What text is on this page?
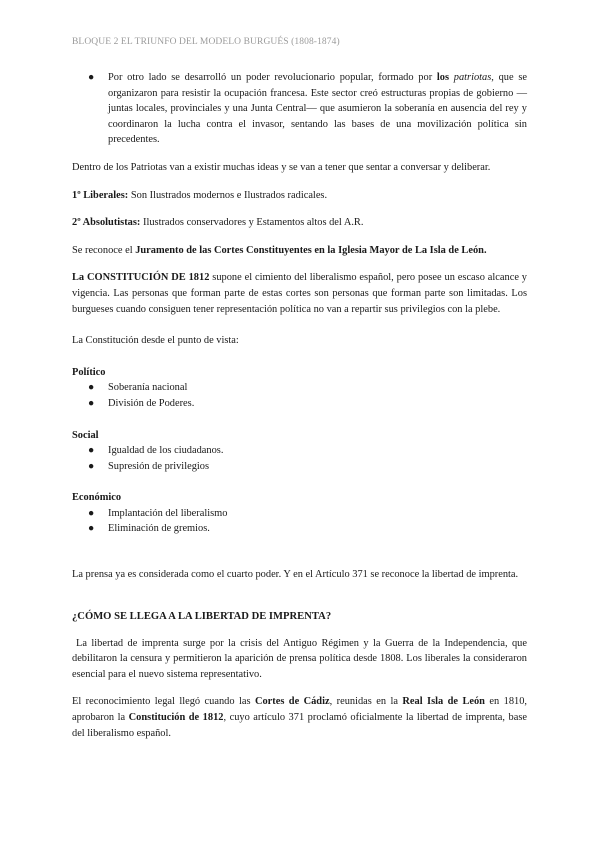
BLOQUE 2 EL TRIUNFO DEL MODELO BURGUÉS (1808-1874)
●	Por otro lado se desarrolló un poder revolucionario popular, formado por los patriotas, que se organizaron para resistir la ocupación francesa. Este sector creó estructuras propias de gobierno —juntas locales, provinciales y una Junta Central— que asumieron la soberanía en ausencia del rey y coordinaron la lucha contra el invasor, sentando las bases de una movilización política sin precedentes.

Dentro de los Patriotas van a existir muchas ideas y se van a tener que sentar a conversar y deliberar.

1º Liberales: Son Ilustrados modernos e Ilustrados radicales.

2º Absolutistas: Ilustrados conservadores y Estamentos altos del A.R.

Se reconoce el Juramento de las Cortes Constituyentes en la Iglesia Mayor de La Isla de León.

La CONSTITUCIÓN DE 1812 supone el cimiento del liberalismo español, pero posee un escaso alcance y vigencia. Las personas que forman parte de estas cortes son personas que forman parte son limitadas. Los burgueses cuando consiguen tener representación política no van a repartir sus privilegios con la plebe.

La Constitución desde el punto de vista:

Político

●	Soberanía nacional
●	División de Poderes.

Social

●	Igualdad de los ciudadanos.
●	Supresión de privilegios

Económico

●	Implantación del liberalismo
●	Eliminación de gremios.

La prensa ya es considerada como el cuarto poder. Y en el Artículo 371 se reconoce la libertad de imprenta.

¿CÓMO SE LLEGA A LA LIBERTAD DE IMPRENTA?

La libertad de imprenta surge por la crisis del Antiguo Régimen y la Guerra de la Independencia, que debilitaron la censura y permitieron la aparición de prensa política desde 1808. Los liberales la consideraron esencial para el nuevo sistema representativo.

El reconocimiento legal llegó cuando las Cortes de Cádiz, reunidas en la Real Isla de León en 1810, aprobaron la Constitución de 1812, cuyo artículo 371 proclamó oficialmente la libertad de imprenta, base del liberalismo español.
